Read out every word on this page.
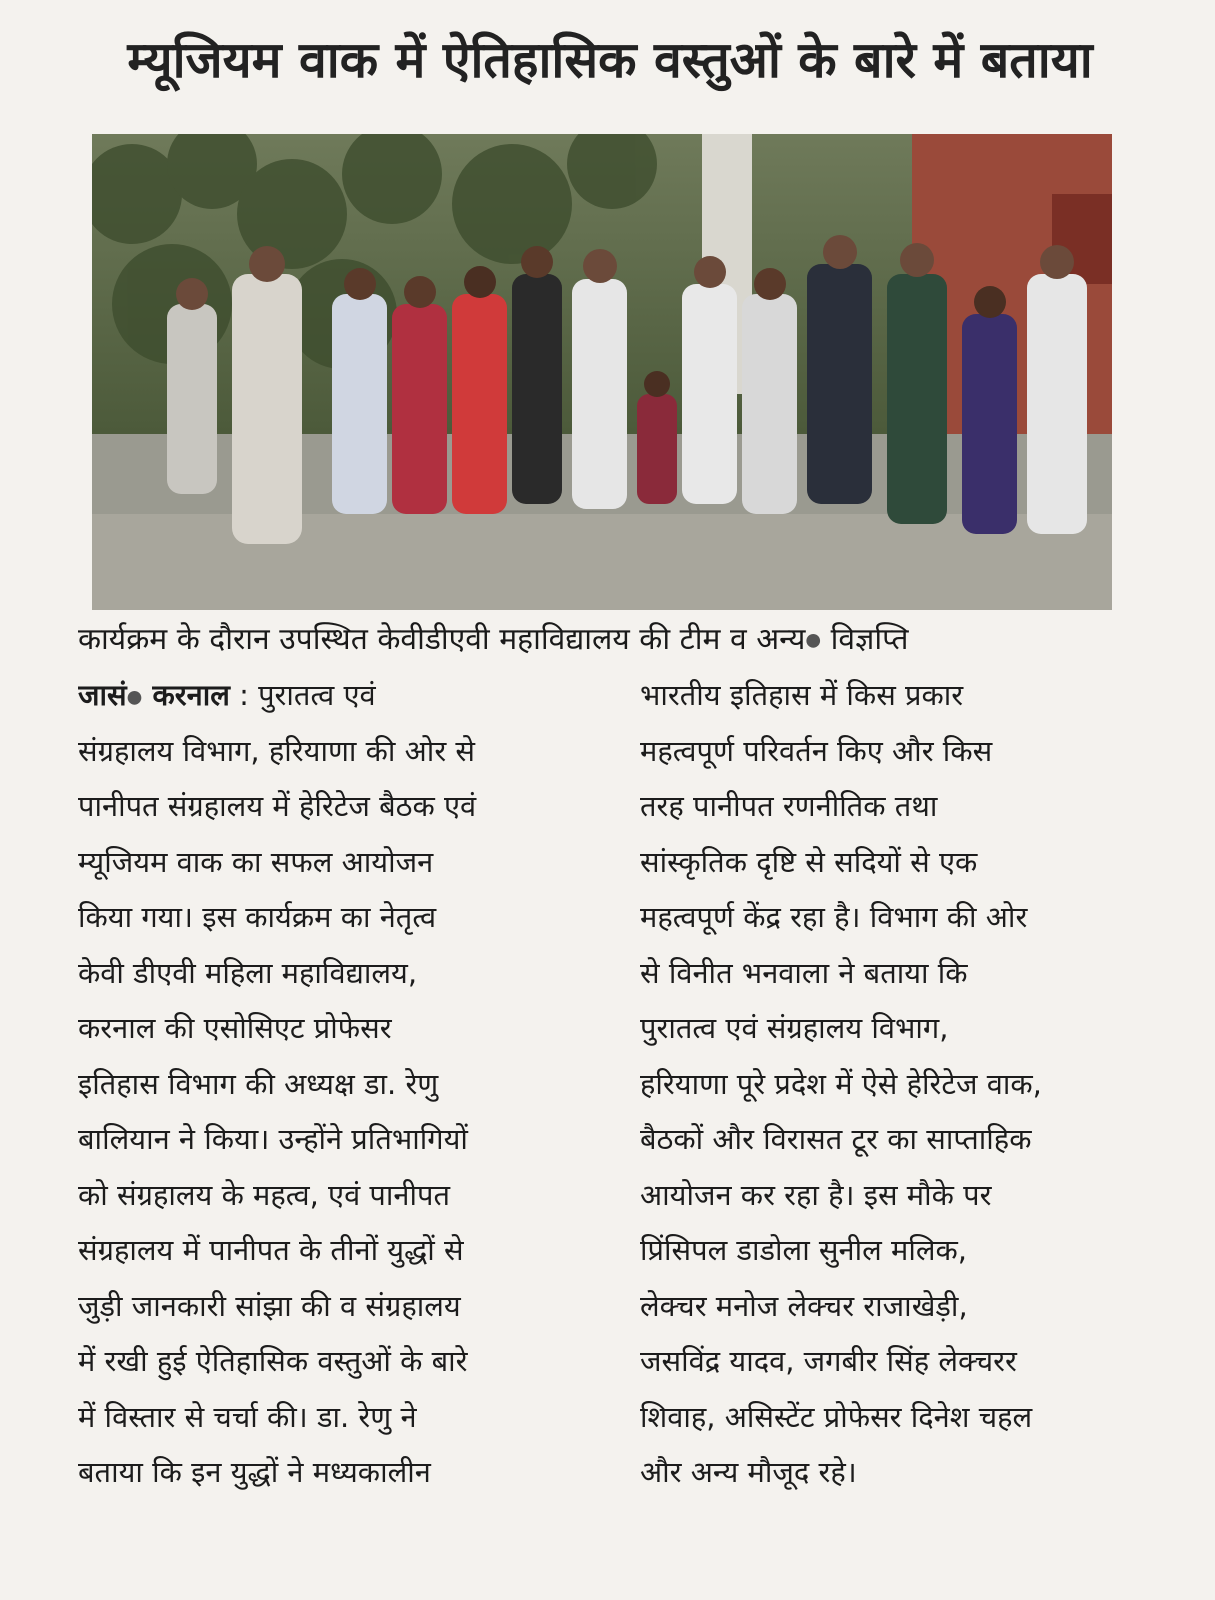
म्यूजियम वाक में ऐतिहासिक वस्तुओं के बारे में बताया
कार्यक्रम के दौरान उपस्थित केवीडीएवी महाविद्यालय की टीम व अन्य● विज्ञप्ति
जासं● करनाल : पुरातत्व एवं
संग्रहालय विभाग, हरियाणा की ओर से
पानीपत संग्रहालय में हेरिटेज बैठक एवं
म्यूजियम वाक का सफल आयोजन
किया गया। इस कार्यक्रम का नेतृत्व
केवी डीएवी महिला महाविद्यालय,
करनाल की एसोसिएट प्रोफेसर
इतिहास विभाग की अध्यक्ष डा. रेणु
बालियान ने किया। उन्होंने प्रतिभागियों
को संग्रहालय के महत्व, एवं पानीपत
संग्रहालय में पानीपत के तीनों युद्धों से
जुड़ी जानकारी सांझा की व संग्रहालय
में रखी हुई ऐतिहासिक वस्तुओं के बारे
में विस्तार से चर्चा की। डा. रेणु ने
बताया कि इन युद्धों ने मध्यकालीन
भारतीय इतिहास में किस प्रकार
महत्वपूर्ण परिवर्तन किए और किस
तरह पानीपत रणनीतिक तथा
सांस्कृतिक दृष्टि से सदियों से एक
महत्वपूर्ण केंद्र रहा है। विभाग की ओर
से विनीत भनवाला ने बताया कि
पुरातत्व एवं संग्रहालय विभाग,
हरियाणा पूरे प्रदेश में ऐसे हेरिटेज वाक,
बैठकों और विरासत टूर का साप्ताहिक
आयोजन कर रहा है। इस मौके पर
प्रिंसिपल डाडोला सुनील मलिक,
लेक्चर मनोज लेक्चर राजाखेड़ी,
जसविंद्र यादव, जगबीर सिंह लेक्चरर
शिवाह, असिस्टेंट प्रोफेसर दिनेश चहल
और अन्य मौजूद रहे।
